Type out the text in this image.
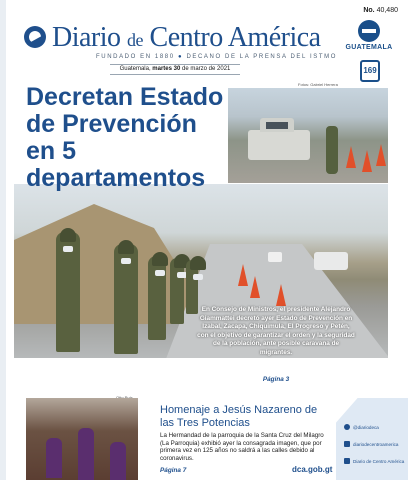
Diario de Centro América
FUNDADO EN 1880 ● DECANO DE LA PRENSA DEL ISTMO
No. 40,480
GUATEMALA
169
Guatemala, martes 30 de marzo de 2021
Fotos: Gabriel Herrera
Decretan Estado de Prevención en 5 departamentos
En Consejo de Ministros, el presidente Alejandro Giammattei decretó ayer Estado de Prevención en Izabal, Zacapa, Chiquimula, El Progreso y Petén, con el objetivo de garantizar el orden y la seguridad de la población, ante posible caravana de migrantes.
Página 3
Homenaje a Jesús Nazareno de las Tres Potencias
La Hermandad de la parroquia de la Santa Cruz del Milagro (La Parroquia) exhibió ayer la consagrada imagen, que por primera vez en 125 años no saldrá a las calles debido al coronavirus.
Página 7	dca.gob.gt
@diariodeca
diariodecentroamerica
Diario de Centro América
